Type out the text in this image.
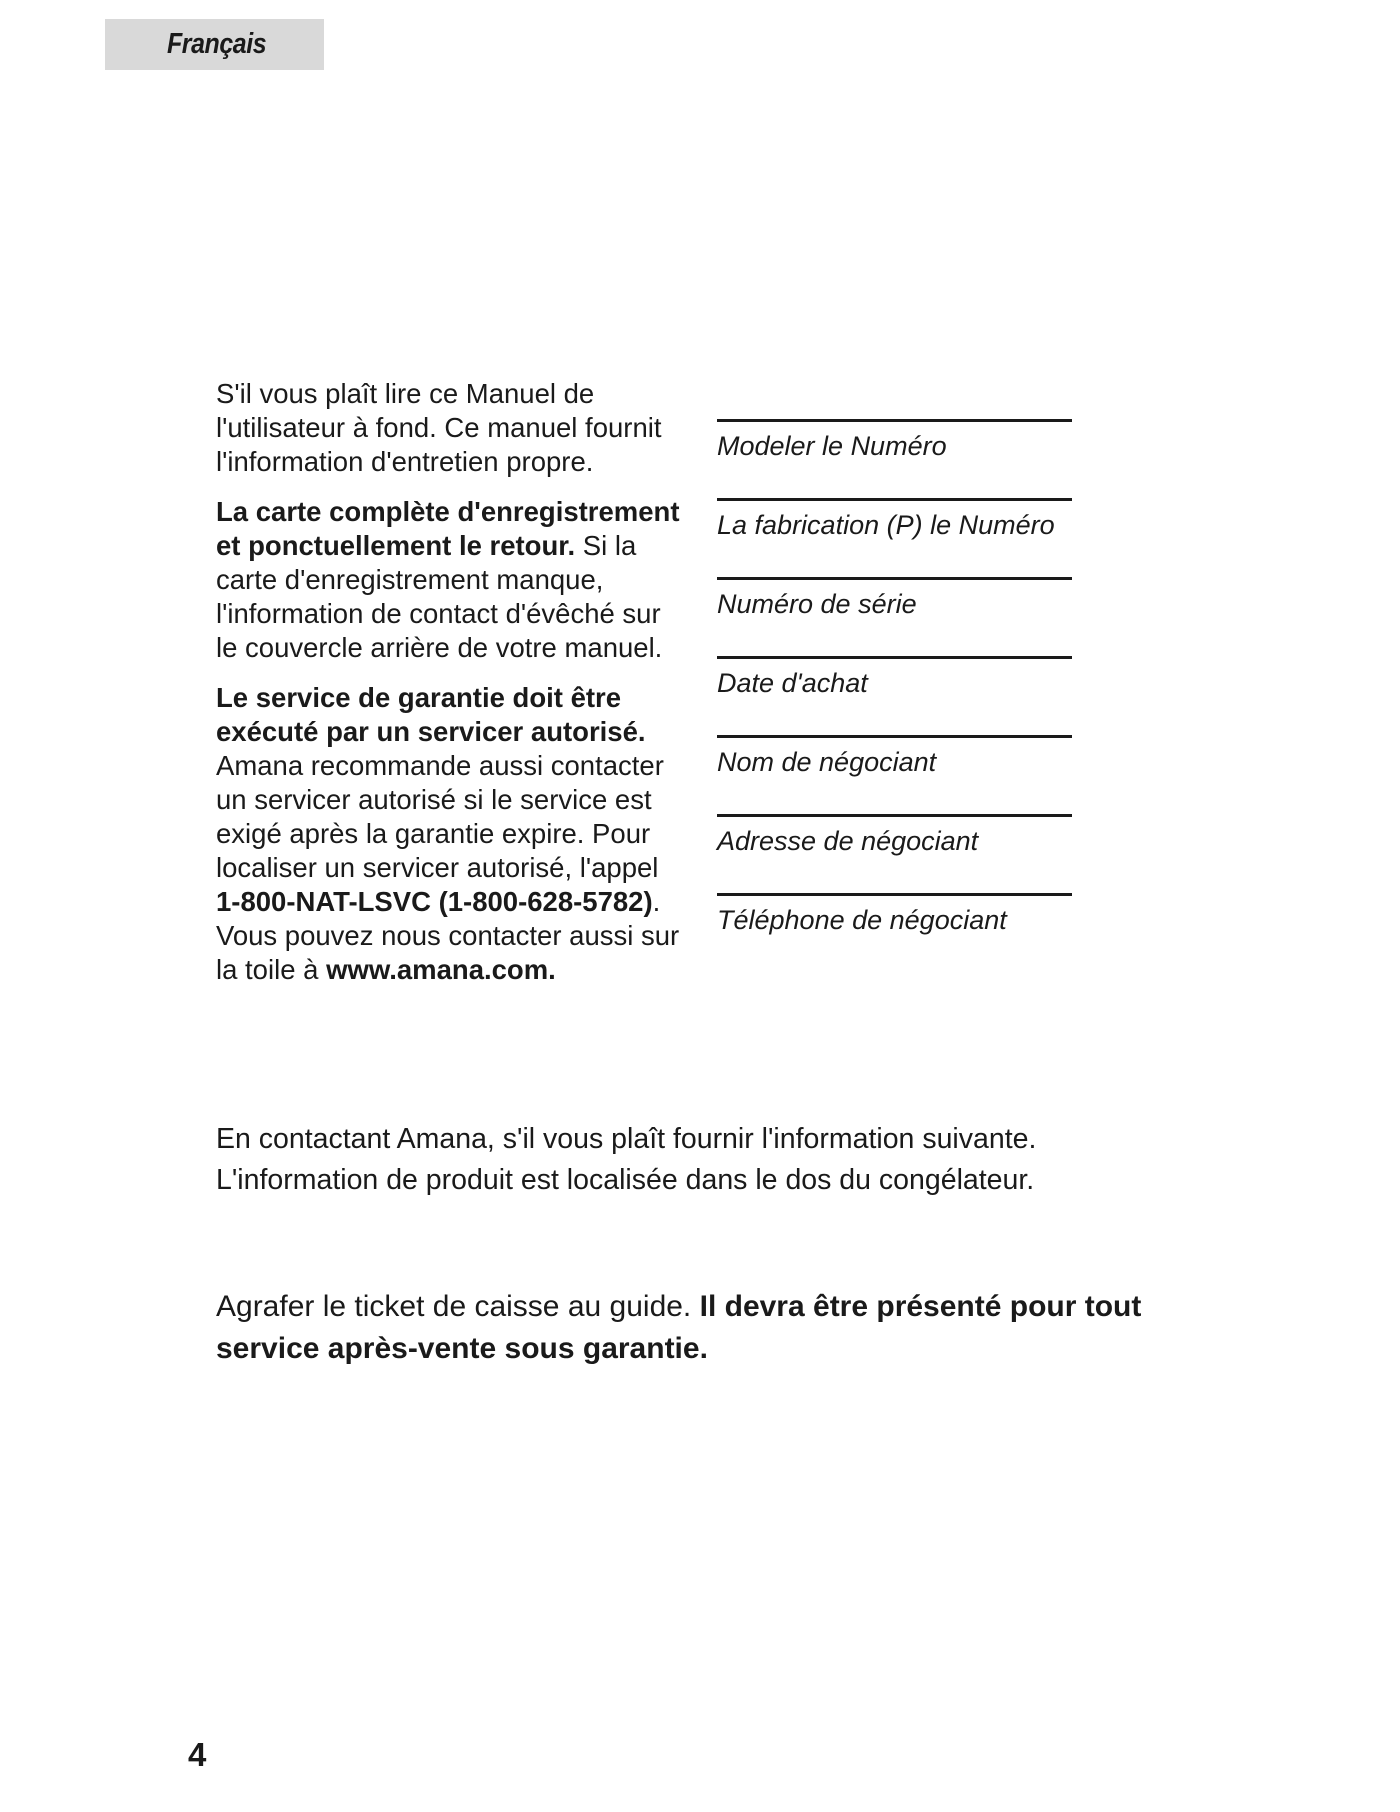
Français

S'il vous plaît lire ce Manuel de l'utilisateur à fond. Ce manuel fournit l'information d'entretien propre.

La carte complète d'enregistrement et ponctuellement le retour. Si la carte d'enregistrement manque, l'information de contact d'évêché sur le couvercle arrière de votre manuel.

Le service de garantie doit être exécuté par un servicer autorisé. Amana recommande aussi contacter un servicer autorisé si le service est exigé après la garantie expire. Pour localiser un servicer autorisé, l'appel 1-800-NAT-LSVC (1-800-628-5782). Vous pouvez nous contacter aussi sur la toile à www.amana.com.

Modeler le Numéro
La fabrication (P) le Numéro
Numéro de série
Date d'achat
Nom de négociant
Adresse de négociant
Téléphone de négociant
En contactant Amana, s'il vous plaît fournir l'information suivante.
L'information de produit est localisée dans le dos du congélateur.
Agrafer le ticket de caisse au guide. Il devra être présenté pour tout service après-vente sous garantie.
4
